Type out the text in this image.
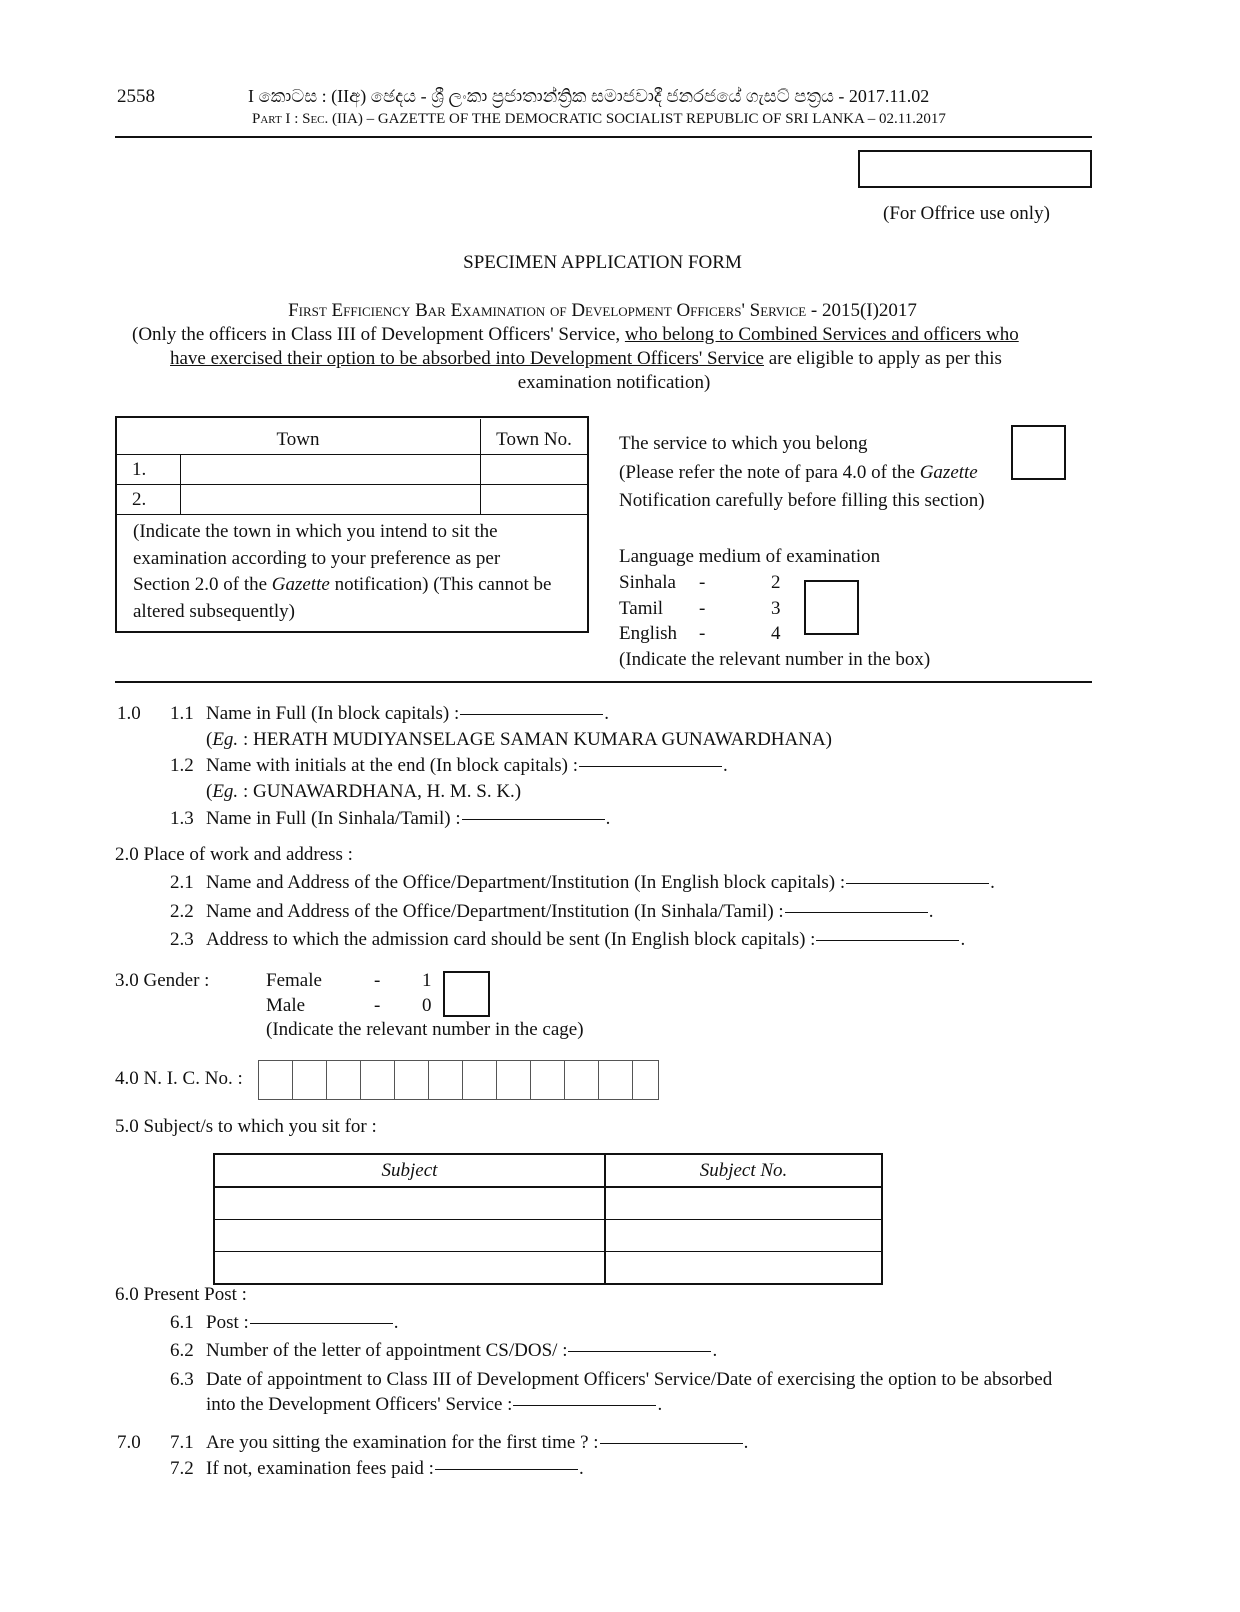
2558	I කොටස : (IIඅ) ඡෙදය - ශ්‍රී ලංකා ප්‍රජාතාන්ත්‍රික සමාජවාදී ජනරජයේ ගැසට් පත්‍රය - 2017.11.02
Part I : Sec. (IIA) – GAZETTE OF THE DEMOCRATIC SOCIALIST REPUBLIC OF SRI LANKA – 02.11.2017
(For Offrice use only)
SPECIMEN APPLICATION FORM
First Efficiency Bar Examination of Development Officers' Service - 2015(I)2017
(Only the officers in Class III of Development Officers' Service, who belong to Combined Services and officers who
have exercised their option to be absorbed into Development Officers' Service are eligible to apply as per this
examination notification)
Town		Town No.
1.		
2.		
(Indicate the town in which you intend to sit the
examination according to your preference as per
Section 2.0 of the Gazette notification) (This cannot be
altered subsequently)
The service to which you belong
(Please refer the note of para 4.0 of the Gazette
Notification carefully before filling this section)
Language medium of examination
Sinhala -	2
Tamil -	3
English -	4
(Indicate the relevant number in the box)
1.0 1.1 Name in Full (In block capitals) :	.
(Eg. : HERATH MUDIYANSELAGE SAMAN KUMARA GUNAWARDHANA)
1.2 Name with initials at the end (In block capitals) :	.
(Eg. : GUNAWARDHANA, H. M. S. K.)
1.3 Name in Full (In Sinhala/Tamil) :	.
2.0 Place of work and address :
2.1 Name and Address of the Office/Department/Institution (In English block capitals) :	.
2.2 Name and Address of the Office/Department/Institution (In Sinhala/Tamil) :	.
2.3 Address to which the admission card should be sent (In English block capitals) :	.
3.0 Gender :	Female	- 1
Male	- 0
(Indicate the relevant number in the cage)
4.0 N. I. C. No. :
5.0 Subject/s to which you sit for :
Subject	Subject No.

6.0 Present Post :
6.1 Post :	.
6.2 Number of the letter of appointment CS/DOS/ :	.
6.3 Date of appointment to Class III of Development Officers' Service/Date of exercising the option to be absorbed
into the Development Officers' Service :	.
7.0 7.1 Are you sitting the examination for the first time ? :	.
7.2 If not, examination fees paid :	.
